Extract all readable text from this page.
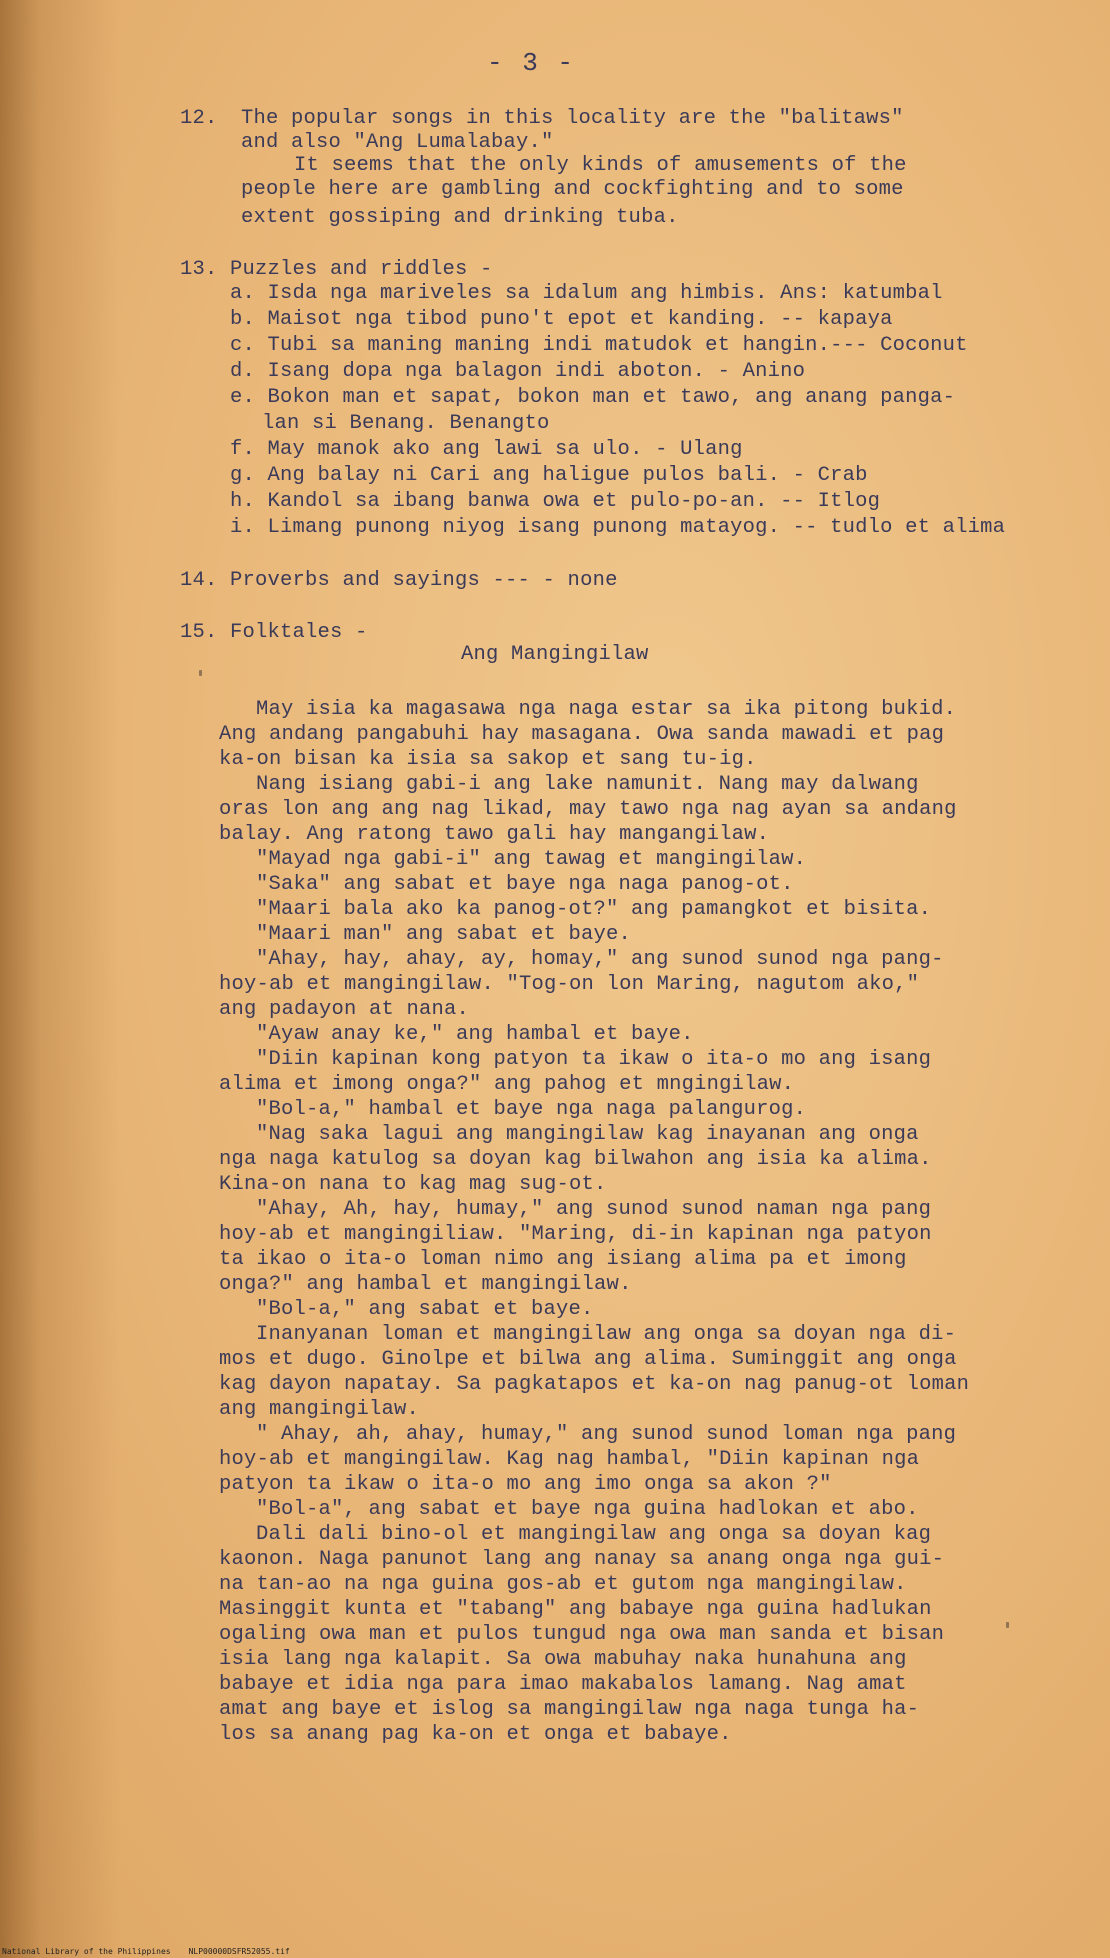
- 3 -
12. The popular songs in this locality are the "balitaws"
and also "Ang Lumalabay."
It seems that the only kinds of amusements of the
people here are gambling and cockfighting and to some
extent gossiping and drinking tuba.
13. Puzzles and riddles -
a. Isda nga mariveles sa idalum ang himbis. Ans: katumbal
b. Maisot nga tibod puno't epot et kanding. -- kapaya
c. Tubi sa maning maning indi matudok et hangin.--- Coconut
d. Isang dopa nga balagon indi aboton. - Anino
e. Bokon man et sapat, bokon man et tawo, ang anang panga-
lan si Benang. Benangto
f. May manok ako ang lawi sa ulo. - Ulang
g. Ang balay ni Cari ang haligue pulos bali. - Crab
h. Kandol sa ibang banwa owa et pulo-po-an. -- Itlog
i. Limang punong niyog isang punong matayog. -- tudlo et alima
14. Proverbs and sayings --- - none
15. Folktales -
Ang Mangingilaw
May isia ka magasawa nga naga estar sa ika pitong bukid.
Ang andang pangabuhi hay masagana. Owa sanda mawadi et pag
ka-on bisan ka isia sa sakop et sang tu-ig.
Nang isiang gabi-i ang lake namunit. Nang may dalwang
oras lon ang ang nag likad, may tawo nga nag ayan sa andang
balay. Ang ratong tawo gali hay mangangilaw.
"Mayad nga gabi-i" ang tawag et mangingilaw.
"Saka" ang sabat et baye nga naga panog-ot.
"Maari bala ako ka panog-ot?" ang pamangkot et bisita.
"Maari man" ang sabat et baye.
"Ahay, hay, ahay, ay, homay," ang sunod sunod nga pang-
hoy-ab et mangingilaw. "Tog-on lon Maring, nagutom ako,"
ang padayon at nana.
"Ayaw anay ke," ang hambal et baye.
"Diin kapinan kong patyon ta ikaw o ita-o mo ang isang
alima et imong onga?" ang pahog et mngingilaw.
"Bol-a," hambal et baye nga naga palangurog.
"Nag saka lagui ang mangingilaw kag inayanan ang onga
nga naga katulog sa doyan kag bilwahon ang isia ka alima.
Kina-on nana to kag mag sug-ot.
"Ahay, Ah, hay, humay," ang sunod sunod naman nga pang
hoy-ab et mangingiliaw. "Maring, di-in kapinan nga patyon
ta ikao o ita-o loman nimo ang isiang alima pa et imong
onga?" ang hambal et mangingilaw.
"Bol-a," ang sabat et baye.
Inanyanan loman et mangingilaw ang onga sa doyan nga di-
mos et dugo. Ginolpe et bilwa ang alima. Suminggit ang onga
kag dayon napatay. Sa pagkatapos et ka-on nag panug-ot loman
ang mangingilaw.
" Ahay, ah, ahay, humay," ang sunod sunod loman nga pang
hoy-ab et mangingilaw. Kag nag hambal, "Diin kapinan nga
patyon ta ikaw o ita-o mo ang imo onga sa akon ?"
"Bol-a", ang sabat et baye nga guina hadlokan et abo.
Dali dali bino-ol et mangingilaw ang onga sa doyan kag
kaonon. Naga panunot lang ang nanay sa anang onga nga gui-
na tan-ao na nga guina gos-ab et gutom nga mangingilaw.
Masinggit kunta et "tabang" ang babaye nga guina hadlukan
ogaling owa man et pulos tungud nga owa man sanda et bisan
isia lang nga kalapit. Sa owa mabuhay naka hunahuna ang
babaye et idia nga para imao makabalos lamang. Nag amat
amat ang baye et islog sa mangingilaw nga naga tunga ha-
los sa anang pag ka-on et onga et babaye.
National Library of the Philippines NLP00000DSFR52055.tif
